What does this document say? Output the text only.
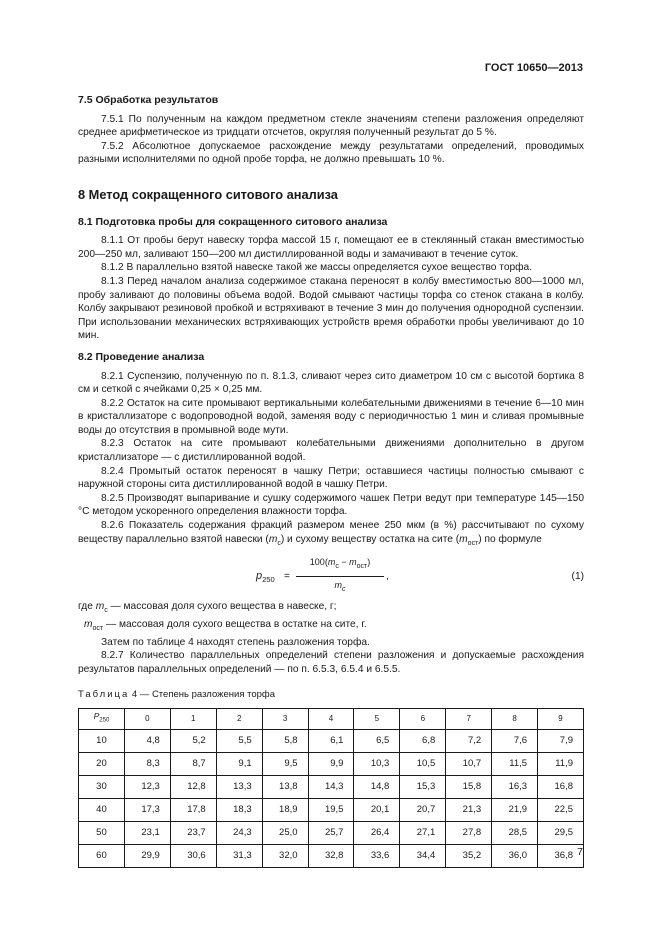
ГОСТ 10650—2013

7.5 Обработка результатов

7.5.1 По полученным на каждом предметном стекле значениям степени разложения определяют среднее арифметическое из тридцати отсчетов, округляя полученный результат до 5 %.

7.5.2 Абсолютное допускаемое расхождение между результатами определений, проводимых разными исполнителями по одной пробе торфа, не должно превышать 10 %.

8 Метод сокращенного ситового анализа

8.1 Подготовка пробы для сокращенного ситового анализа

8.1.1 От пробы берут навеску торфа массой 15 г, помещают ее в стеклянный стакан вместимостью 200—250 мл, заливают 150—200 мл дистиллированной воды и замачивают в течение суток.

8.1.2 В параллельно взятой навеске такой же массы определяется сухое вещество торфа.

8.1.3 Перед началом анализа содержимое стакана переносят в колбу вместимостью 800—1000 мл, пробу заливают до половины объема водой. Водой смывают частицы торфа со стенок стакана в колбу. Колбу закрывают резиновой пробкой и встряхивают в течение 3 мин до получения однородной суспензии. При использовании механических встряхивающих устройств время обработки пробы увеличивают до 10 мин.

8.2 Проведение анализа

8.2.1 Суспензию, полученную по п. 8.1.3, сливают через сито диаметром 10 см с высотой бортика 8 см и сеткой с ячейками 0,25 × 0,25 мм.

8.2.2 Остаток на сите промывают вертикальными колебательными движениями в течение 6—10 мин в кристаллизаторе с водопроводной водой, заменяя воду с периодичностью 1 мин и сливая промывные воды до отсутствия в промывной воде мути.

8.2.3 Остаток на сите промывают колебательными движениями дополнительно в другом кристаллизаторе — с дистиллированной водой.

8.2.4 Промытый остаток переносят в чашку Петри; оставшиеся частицы полностью смывают с наружной стороны сита дистиллированной водой в чашку Петри.

8.2.5 Производят выпаривание и сушку содержимого чашек Петри ведут при температуре 145—150 °С методом ускоренного определения влажности торфа.

8.2.6 Показатель содержания фракций размером менее 250 мкм (в %) рассчитывают по сухому веществу параллельно взятой навески $(m_c)$ и сухому веществу остатка на сите $(m_{ост})$ по формуле

$p_{250}$ =
$100(m_c - m_{ост})$
$m_c$
,	(1)
где $m_c$ — массовая доля сухого вещества в навеске, г;
$m_{ост}$ — массовая доля сухого вещества в остатке на сите, г.

Затем по таблице 4 находят степень разложения торфа.

8.2.7 Количество параллельных определений степени разложения и допускаемые расхождения результатов параллельных определений — по п. 6.5.3, 6.5.4 и 6.5.5.

Таблица 4 — Степень разложения торфа
$P_{250}$	0	1	2	3	4	5	6	7	8	9
10	4,8	5,2	5,5	5,8	6,1	6,5	6,8	7,2	7,6	7,9
20	8,3	8,7	9,1	9,5	9,9	10,3	10,5	10,7	11,5	11,9
30	12,3	12,8	13,3	13,8	14,3	14,8	15,3	15,8	16,3	16,8
40	17,3	17,8	18,3	18,9	19,5	20,1	20,7	21,3	21,9	22,5
50	23,1	23,7	24,3	25,0	25,7	26,4	27,1	27,8	28,5	29,5
60	29,9	30,6	31,3	32,0	32,8	33,6	34,4	35,2	36,0	36,8 7
